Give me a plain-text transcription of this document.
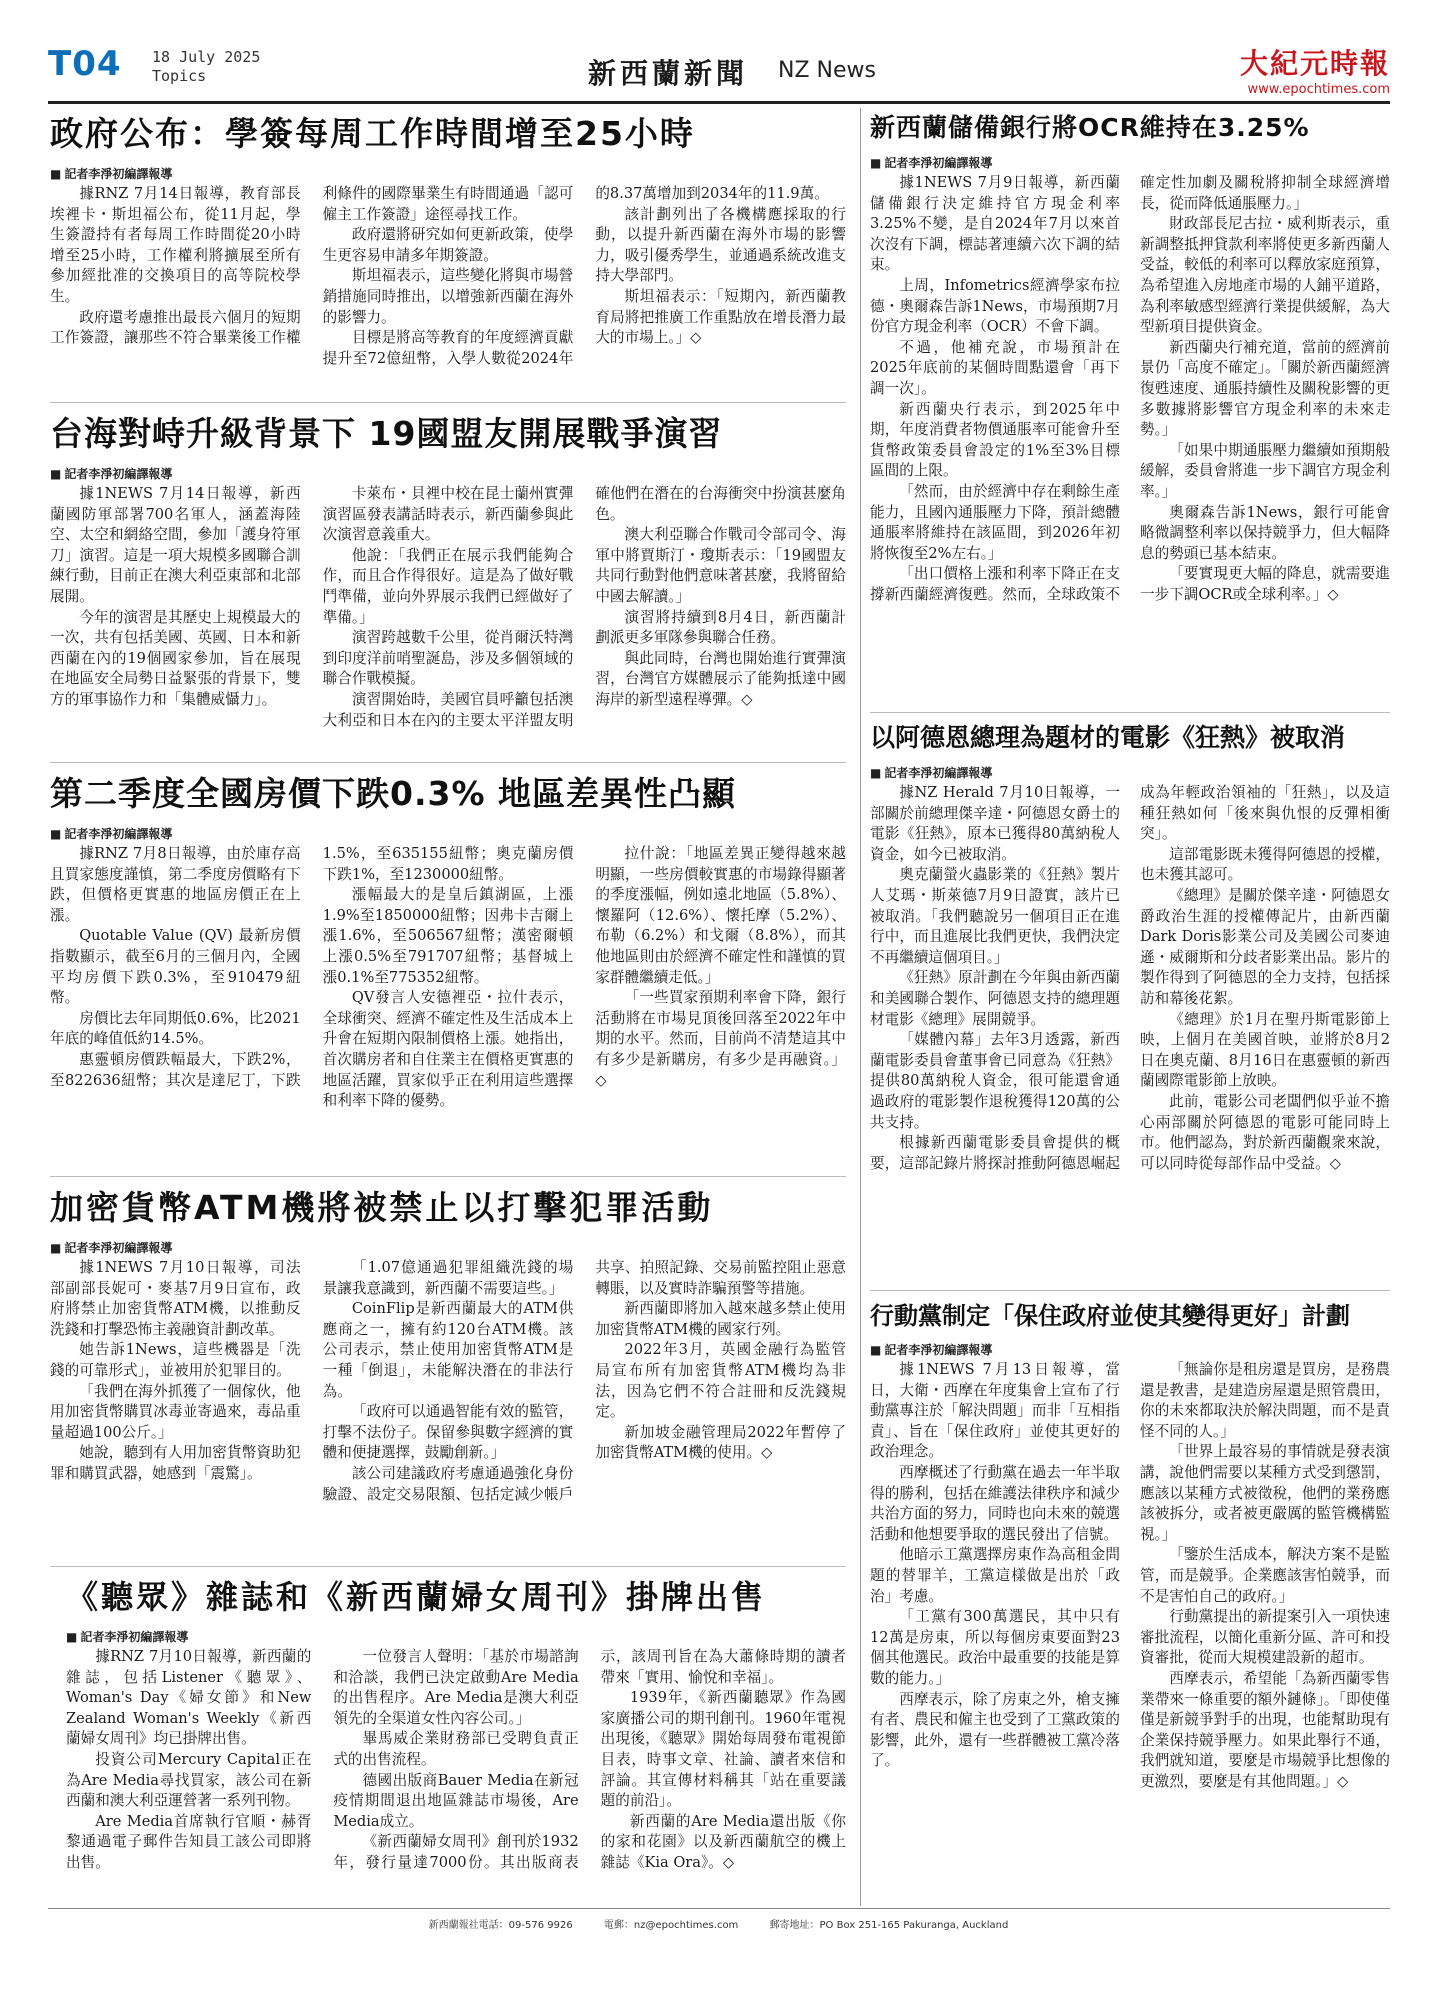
T04 18 July 2025
Topics	新西蘭新聞 NZ News	大紀元時報
www.epochtimes.com
政府公布：學簽每周工作時間增至25小時
■ 記者李淨初編譯報導

據RNZ 7月14日報導，教育部長埃裡卡・斯坦福公布，從11月起，學生簽證持有者每周工作時間從20小時增至25小時，工作權利將擴展至所有參加經批准的交換項目的高等院校學生。

政府還考慮推出最長六個月的短期工作簽證，讓那些不符合畢業後工作權利條件的國際畢業生有時間通過「認可僱主工作簽證」途徑尋找工作。

政府還將研究如何更新政策，使學生更容易申請多年期簽證。

斯坦福表示，這些變化將與市場營銷措施同時推出，以增強新西蘭在海外的影響力。

目標是將高等教育的年度經濟貢獻提升至72億紐幣，入學人數從2024年的8.37萬增加到2034年的11.9萬。

該計劃列出了各機構應採取的行動，以提升新西蘭在海外市場的影響力，吸引優秀學生，並通過系統改進支持大學部門。

斯坦福表示：「短期內，新西蘭教育局將把推廣工作重點放在增長潛力最大的市場上。」◇

台海對峙升級背景下 19國盟友開展戰爭演習
■ 記者李淨初編譯報導

據1NEWS 7月14日報導，新西蘭國防軍部署700名軍人，涵蓋海陸空、太空和網絡空間，參加「護身符軍刀」演習。這是一項大規模多國聯合訓練行動，目前正在澳大利亞東部和北部展開。

今年的演習是其歷史上規模最大的一次，共有包括美國、英國、日本和新西蘭在內的19個國家參加，旨在展現在地區安全局勢日益緊張的背景下，雙方的軍事協作力和「集體威懾力」。

卡萊布・貝裡中校在昆士蘭州實彈演習區發表講話時表示，新西蘭參與此次演習意義重大。

他說：「我們正在展示我們能夠合作，而且合作得很好。這是為了做好戰鬥準備，並向外界展示我們已經做好了準備。」

演習跨越數千公里，從肖爾沃特灣到印度洋前哨聖誕島，涉及多個領域的聯合作戰模擬。

演習開始時，美國官員呼籲包括澳大利亞和日本在內的主要太平洋盟友明確他們在潛在的台海衝突中扮演甚麼角色。

澳大利亞聯合作戰司令部司令、海軍中將賈斯汀・瓊斯表示：「19國盟友共同行動對他們意味著甚麼，我將留給中國去解讀。」

演習將持續到8月4日，新西蘭計劃派更多軍隊參與聯合任務。

與此同時，台灣也開始進行實彈演習，台灣官方媒體展示了能夠抵達中國海岸的新型遠程導彈。◇

第二季度全國房價下跌0.3% 地區差異性凸顯
■ 記者李淨初編譯報導

據RNZ 7月8日報導，由於庫存高且買家態度謹慎，第二季度房價略有下跌，但價格更實惠的地區房價正在上漲。

Quotable Value (QV) 最新房價指數顯示，截至6月的三個月內，全國平均房價下跌0.3%，至910479紐幣。

房價比去年同期低0.6%，比2021年底的峰值低約14.5%。

惠靈頓房價跌幅最大，下跌2%，至822636紐幣；其次是達尼丁，下跌1.5%，至635155紐幣；奧克蘭房價下跌1%，至1230000紐幣。

漲幅最大的是皇后鎮湖區，上漲1.9%至1850000紐幣；因弗卡吉爾上漲1.6%，至506567紐幣；漢密爾頓上漲0.5%至791707紐幣；基督城上漲0.1%至775352紐幣。

QV發言人安德裡亞・拉什表示，全球衝突、經濟不確定性及生活成本上升會在短期內限制價格上漲。她指出，首次購房者和自住業主在價格更實惠的地區活躍，買家似乎正在利用這些選擇和利率下降的優勢。

拉什說：「地區差異正變得越來越明顯，一些房價較實惠的市場錄得顯著的季度漲幅，例如遠北地區（5.8%）、懷羅阿（12.6%）、懷托摩（5.2%）、布勒（6.2%）和戈爾（8.8%），而其他地區則由於經濟不確定性和謹慎的買家群體繼續走低。」

「一些買家預期利率會下降，銀行活動將在市場見頂後回落至2022年中期的水平。然而，目前尚不清楚這其中有多少是新購房，有多少是再融資。」◇

加密貨幣ATM機將被禁止以打擊犯罪活動
■ 記者李淨初編譯報導

據1NEWS 7月10日報導，司法部副部長妮可・麥基7月9日宣布，政府將禁止加密貨幣ATM機，以推動反洗錢和打擊恐怖主義融資計劃改革。

她告訴1News，這些機器是「洗錢的可靠形式」，並被用於犯罪目的。

「我們在海外抓獲了一個傢伙，他用加密貨幣購買冰毒並寄過來，毒品重量超過100公斤。」

她說，聽到有人用加密貨幣資助犯罪和購買武器，她感到「震驚」。

「1.07億通過犯罪組織洗錢的場景讓我意識到，新西蘭不需要這些。」

CoinFlip是新西蘭最大的ATM供應商之一，擁有約120台ATM機。該公司表示，禁止使用加密貨幣ATM是一種「倒退」，未能解決潛在的非法行為。

「政府可以通過智能有效的監管，打擊不法份子。保留參與數字經濟的實體和便捷選擇，鼓勵創新。」

該公司建議政府考慮通過強化身份驗證、設定交易限額、包括定減少帳戶共享、拍照記錄、交易前監控阻止惡意轉賬，以及實時詐騙預警等措施。

新西蘭即將加入越來越多禁止使用加密貨幣ATM機的國家行列。

2022年3月，英國金融行為監管局宣布所有加密貨幣ATM機均為非法，因為它們不符合註冊和反洗錢規定。

新加坡金融管理局2022年暫停了加密貨幣ATM機的使用。◇

《聽眾》雜誌和《新西蘭婦女周刊》掛牌出售
■ 記者李淨初編譯報導

據RNZ 7月10日報導，新西蘭的雜誌，包括Listener《聽眾》、Woman's Day《婦女節》和New Zealand Woman's Weekly《新西蘭婦女周刊》均已掛牌出售。

投資公司Mercury Capital正在為Are Media尋找買家，該公司在新西蘭和澳大利亞運營著一系列刊物。

Are Media首席執行官順・赫胥黎通過電子郵件告知員工該公司即將出售。

一位發言人聲明：「基於市場諮詢和洽談，我們已決定啟動Are Media的出售程序。Are Media是澳大利亞領先的全渠道女性內容公司。」

畢馬威企業財務部已受聘負責正式的出售流程。

德國出版商Bauer Media在新冠疫情期間退出地區雜誌市場後，Are Media成立。

《新西蘭婦女周刊》創刊於1932年，發行量達7000份。其出版商表示，該周刊旨在為大蕭條時期的讀者帶來「實用、愉悅和幸福」。

1939年，《新西蘭聽眾》作為國家廣播公司的期刊創刊。1960年電視出現後，《聽眾》開始每周發布電視節目表，時事文章、社論、讀者來信和評論。其宣傳材料稱其「站在重要議題的前沿」。

新西蘭的Are Media還出版《你的家和花園》以及新西蘭航空的機上雜誌《Kia Ora》。◇

新西蘭儲備銀行將OCR維持在3.25%
■ 記者李淨初編譯報導

據1NEWS 7月9日報導，新西蘭儲備銀行決定維持官方現金利率3.25%不變，是自2024年7月以來首次沒有下調，標誌著連續六次下調的結束。

上周，Infometrics經濟學家布拉德・奧爾森告訴1News，市場預期7月份官方現金利率（OCR）不會下調。

不過，他補充說，市場預計在2025年底前的某個時間點還會「再下調一次」。

新西蘭央行表示，到2025年中期，年度消費者物價通脹率可能會升至貨幣政策委員會設定的1%至3%目標區間的上限。

「然而，由於經濟中存在剩餘生產能力，且國內通脹壓力下降，預計總體通脹率將維持在該區間，到2026年初將恢復至2%左右。」

「出口價格上漲和利率下降正在支撐新西蘭經濟復甦。然而，全球政策不確定性加劇及關稅將抑制全球經濟增長，從而降低通脹壓力。」

財政部長尼古拉・威利斯表示，重新調整抵押貸款利率將使更多新西蘭人受益，較低的利率可以釋放家庭預算，為希望進入房地產市場的人鋪平道路，為利率敏感型經濟行業提供緩解，為大型新項目提供資金。

新西蘭央行補充道，當前的經濟前景仍「高度不確定」。「關於新西蘭經濟復甦速度、通脹持續性及關稅影響的更多數據將影響官方現金利率的未來走勢。」

「如果中期通脹壓力繼續如預期般緩解，委員會將進一步下調官方現金利率。」

奧爾森告訴1News，銀行可能會略微調整利率以保持競爭力，但大幅降息的勢頭已基本結束。

「要實現更大幅的降息，就需要進一步下調OCR或全球利率。」◇

以阿德恩總理為題材的電影《狂熱》被取消
■ 記者李淨初編譯報導

據NZ Herald 7月10日報導，一部關於前總理傑辛達・阿德恩女爵士的電影《狂熱》，原本已獲得80萬納稅人資金，如今已被取消。

奧克蘭螢火蟲影業的《狂熱》製片人艾瑪・斯萊德7月9日證實，該片已被取消。「我們聽說另一個項目正在進行中，而且進展比我們更快，我們決定不再繼續這個項目。」

《狂熱》原計劃在今年與由新西蘭和美國聯合製作、阿德恩支持的總理題材電影《總理》展開競爭。

「媒體內幕」去年3月透露，新西蘭電影委員會董事會已同意為《狂熱》提供80萬納稅人資金，很可能還會通過政府的電影製作退稅獲得120萬的公共支持。

根據新西蘭電影委員會提供的概要，這部記錄片將探討推動阿德恩崛起成為年輕政治領袖的「狂熱」，以及這種狂熱如何「後來與仇恨的反彈相衝突」。

這部電影既未獲得阿德恩的授權，也未獲其認可。

《總理》是關於傑辛達・阿德恩女爵政治生涯的授權傳記片，由新西蘭Dark Doris影業公司及美國公司麥迪遜・威爾斯和分歧者影業出品。影片的製作得到了阿德恩的全力支持，包括採訪和幕後花絮。

《總理》於1月在聖丹斯電影節上映，上個月在美國首映，並將於8月2日在奧克蘭、8月16日在惠靈頓的新西蘭國際電影節上放映。

此前，電影公司老闆們似乎並不擔心兩部關於阿德恩的電影可能同時上市。他們認為，對於新西蘭觀衆來說，可以同時從每部作品中受益。◇

行動黨制定「保住政府並使其變得更好」計劃
■ 記者李淨初編譯報導

據1NEWS 7月13日報導，當日，大衛・西摩在年度集會上宣布了行動黨專注於「解決問題」而非「互相指責」、旨在「保住政府」並使其更好的政治理念。

西摩概述了行動黨在過去一年半取得的勝利，包括在維護法律秩序和減少共治方面的努力，同時也向未來的競選活動和他想要爭取的選民發出了信號。

他暗示工黨選擇房東作為高租金問題的替罪羊，工黨這樣做是出於「政治」考慮。

「工黨有300萬選民，其中只有12萬是房東，所以每個房東要面對23個其他選民。政治中最重要的技能是算數的能力。」

西摩表示，除了房東之外，槍支擁有者、農民和僱主也受到了工黨政策的影響，此外，還有一些群體被工黨冷落了。

「無論你是租房還是買房，是務農還是教書，是建造房屋還是照管農田，你的未來都取決於解決問題，而不是責怪不同的人。」

「世界上最容易的事情就是發表演講，說他們需要以某種方式受到懲罰，應該以某種方式被徵稅，他們的業務應該被拆分，或者被更嚴厲的監管機構監視。」

「鑒於生活成本，解決方案不是監管，而是競爭。企業應該害怕競爭，而不是害怕自己的政府。」

行動黨提出的新提案引入一項快速審批流程，以簡化重新分區、許可和投資審批，從而大規模建設新的超市。

西摩表示，希望能「為新西蘭零售業帶來一條重要的額外鏈條」。「即使僅僅是新競爭對手的出現，也能幫助現有企業保持競爭壓力。如果此舉行不通，我們就知道，要麼是市場競爭比想像的更激烈，要麼是有其他問題。」◇

新西蘭報社電話：09-576 9926	電郵：nz@epochtimes.com	郵寄地址：PO Box 251-165 Pakuranga, Auckland
